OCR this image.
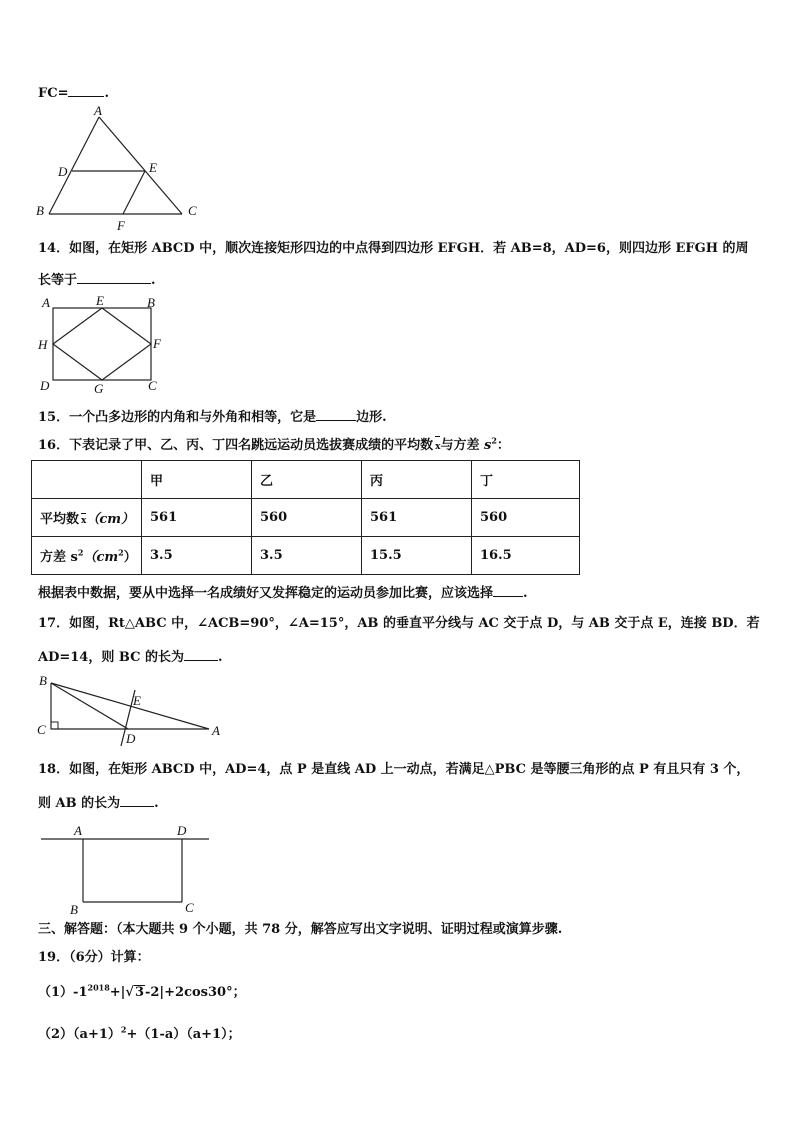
FC=	.
A
D	E
B
F
C
14．如图，在矩形 ABCD 中，顺次连接矩形四边的中点得到四边形 EFGH．若 AB=8，AD=6，则四边形 EFGH 的周
长等于	.
A	E	B
H	F
D	G	C
15．一个凸多边形的内角和与外角和相等，它是	边形.
16．下表记录了甲、乙、丙、丁四名跳远运动员选拔赛成绩的平均数 x与方差 $s^2$：
	甲	乙	丙	丁
平均数 x（cm）	561	560	561	560
方差 $s^2(cm^2)$	3.5	3.5	15.5	16.5
根据表中数据，要从中选择一名成绩好又发挥稳定的运动员参加比赛，应该选择 .
17．如图，Rt△ABC 中，∠ACB=90°，∠A=15°，AB 的垂直平分线与 AC 交于点 D，与 AB 交于点 E，连接 BD．若
AD=14，则 BC 的长为	.
B
E
C
D
A
18．如图，在矩形 ABCD 中，AD=4，点 P 是直线 AD 上一动点，若满足△PBC 是等腰三角形的点 P 有且只有 3 个，
则 AB 的长为	.
A	D
B	C
三、解答题：（本大题共 9 个小题，共 78 分，解答应写出文字说明、证明过程或演算步骤.
19．（6分）计算：
$(1)-1^{2018}+|√3-2|+2\cos 30^\circ$；
$(2)(a+1)^2+(1-a)(a+1)$；
